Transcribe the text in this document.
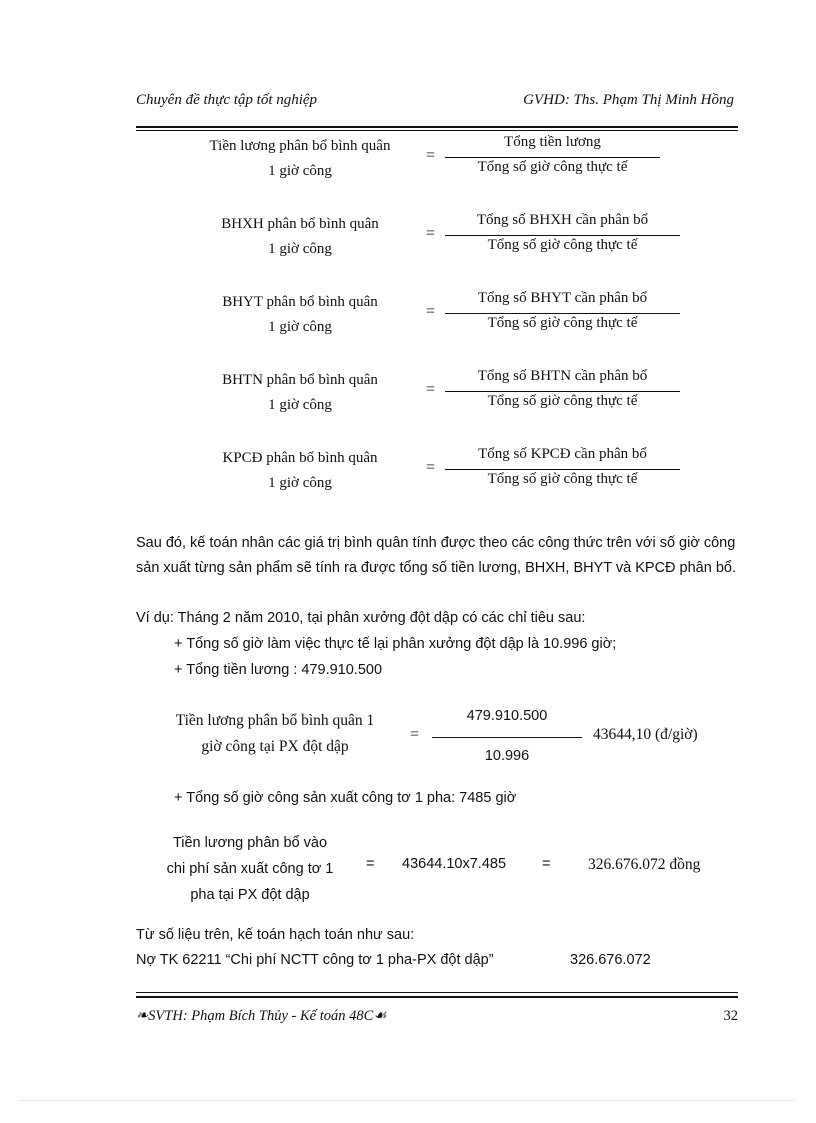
Chuyên đề thực tập tốt nghiệp	GVHD: Ths. Phạm Thị Minh Hồng
Tiền lương phân bổ bình quân
1 giờ công
=
Tổng tiền lương
Tổng số giờ công thực tế
BHXH phân bổ bình quân
1 giờ công
=
Tổng số BHXH cần phân bổ
Tổng số giờ công thực tế
BHYT phân bổ bình quân
1 giờ công
=
Tổng số BHYT cần phân bổ
Tổng số giờ công thực tế
BHTN phân bổ bình quân
1 giờ công
=
Tổng số BHTN cần phân bổ
Tổng số giờ công thực tế
KPCĐ phân bổ bình quân
1 giờ công
=
Tổng số KPCĐ cần phân bổ
Tổng số giờ công thực tế
Sau đó, kế toán nhân các giá trị bình quân tính được theo các công thức trên với số giờ công sản xuất từng sản phẩm sẽ tính ra được tổng số tiền lương, BHXH, BHYT và KPCĐ phân bổ.
Ví dụ: Tháng 2 năm 2010, tại phân xưởng đột dập có các chỉ tiêu sau:
+ Tổng số giờ làm việc thực tế lại phân xưởng đột dập là 10.996 giờ;
+ Tổng tiền lương : 479.910.500
Tiền lương phân bổ bình quân 1
giờ công tại PX đột dập
=
479.910.500
10.996
43644,10 (đ/giờ)
+ Tổng số giờ công sản xuất công tơ 1 pha: 7485 giờ
Tiền lương phân bổ vào
chi phí sản xuất công tơ 1
pha tại PX đột dập
= 43644.10x7.485 = 326.676.072 đồng
Từ số liệu trên, kế toán hạch toán như sau:
Nợ TK 62211 “Chi phí NCTT công tơ 1 pha-PX đột dập”	326.676.072
❧SVTH: Phạm Bích Thủy - Kế toán 48C☙	32
